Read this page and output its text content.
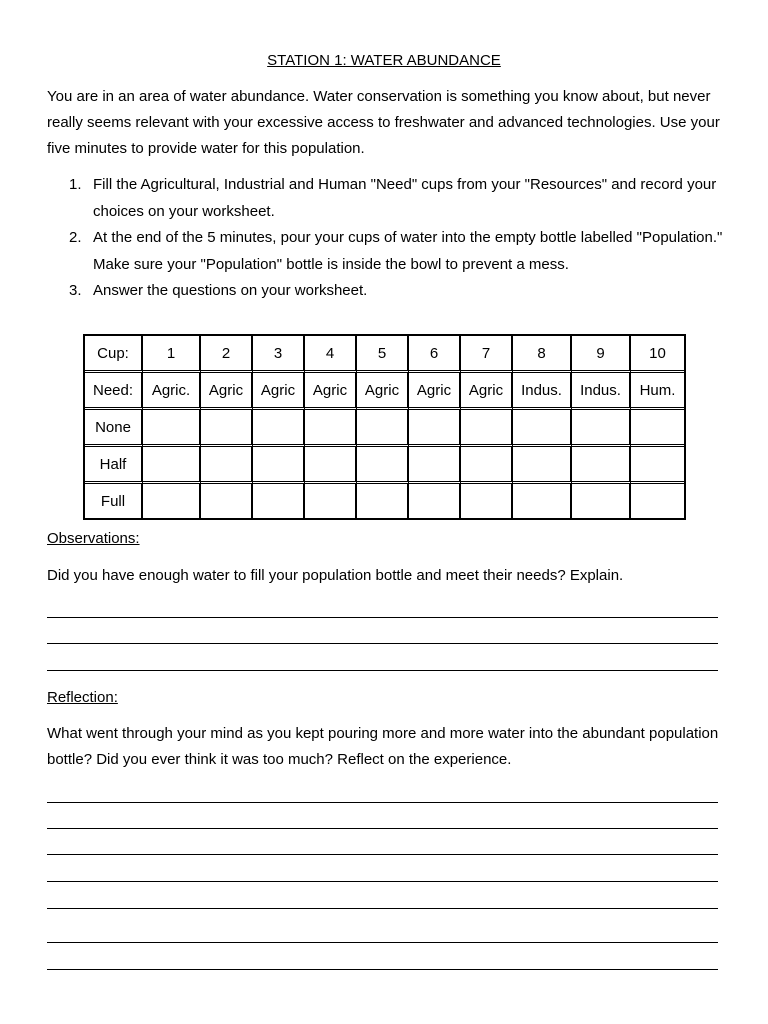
STATION 1: WATER ABUNDANCE
You are in an area of water abundance. Water conservation is something you know about, but never really seems relevant with your excessive access to freshwater and advanced technologies. Use your five minutes to provide water for this population.
1. Fill the Agricultural, Industrial and Human "Need" cups from your "Resources" and record your choices on your worksheet.
2. At the end of the 5 minutes, pour your cups of water into the empty bottle labelled "Population." Make sure your "Population" bottle is inside the bowl to prevent a mess.
3. Answer the questions on your worksheet.
Cup:	1	2	3	4	5	6	7	8	9	10
Need:	Agric.	Agric	Agric	Agric	Agric	Agric	Agric	Indus.	Indus.	Hum.
None										
Half										
Full										
Observations:
Did you have enough water to fill your population bottle and meet their needs? Explain.
Reflection:
What went through your mind as you kept pouring more and more water into the abundant population bottle? Did you ever think it was too much? Reflect on the experience.
